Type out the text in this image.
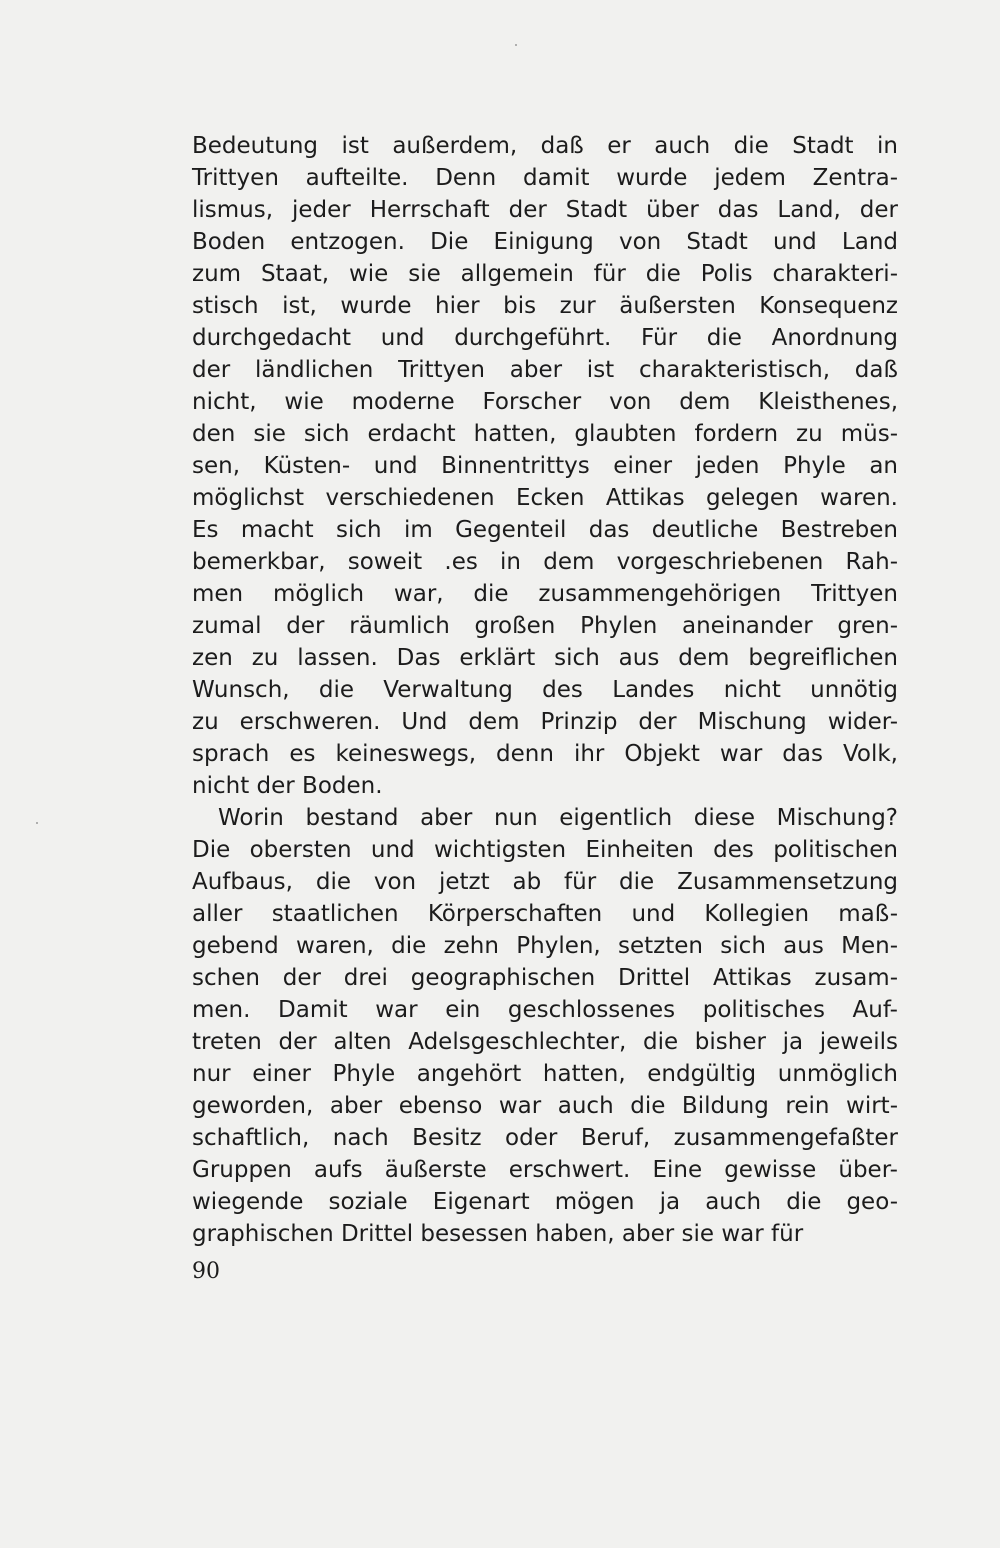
Bedeutung ist außerdem, daß er auch die Stadt in
Trittyen aufteilte. Denn damit wurde jedem Zentra-
lismus, jeder Herrschaft der Stadt über das Land, der
Boden entzogen. Die Einigung von Stadt und Land
zum Staat, wie sie allgemein für die Polis charakteri-
stisch ist, wurde hier bis zur äußersten Konsequenz
durchgedacht und durchgeführt. Für die Anordnung
der ländlichen Trittyen aber ist charakteristisch, daß
nicht, wie moderne Forscher von dem Kleisthenes,
den sie sich erdacht hatten, glaubten fordern zu müs-
sen, Küsten- und Binnentrittys einer jeden Phyle an
möglichst verschiedenen Ecken Attikas gelegen waren.
Es macht sich im Gegenteil das deutliche Bestreben
bemerkbar, soweit .es in dem vorgeschriebenen Rah-
men möglich war, die zusammengehörigen Trittyen
zumal der räumlich großen Phylen aneinander gren-
zen zu lassen. Das erklärt sich aus dem begreiflichen
Wunsch, die Verwaltung des Landes nicht unnötig
zu erschweren. Und dem Prinzip der Mischung wider-
sprach es keineswegs, denn ihr Objekt war das Volk,
nicht der Boden.
Worin bestand aber nun eigentlich diese Mischung?
Die obersten und wichtigsten Einheiten des politischen
Aufbaus, die von jetzt ab für die Zusammensetzung
aller staatlichen Körperschaften und Kollegien maß-
gebend waren, die zehn Phylen, setzten sich aus Men-
schen der drei geographischen Drittel Attikas zusam-
men. Damit war ein geschlossenes politisches Auf-
treten der alten Adelsgeschlechter, die bisher ja jeweils
nur einer Phyle angehört hatten, endgültig unmöglich
geworden, aber ebenso war auch die Bildung rein wirt-
schaftlich, nach Besitz oder Beruf, zusammengefaßter
Gruppen aufs äußerste erschwert. Eine gewisse über-
wiegende soziale Eigenart mögen ja auch die geo-
graphischen Drittel besessen haben, aber sie war für
90
